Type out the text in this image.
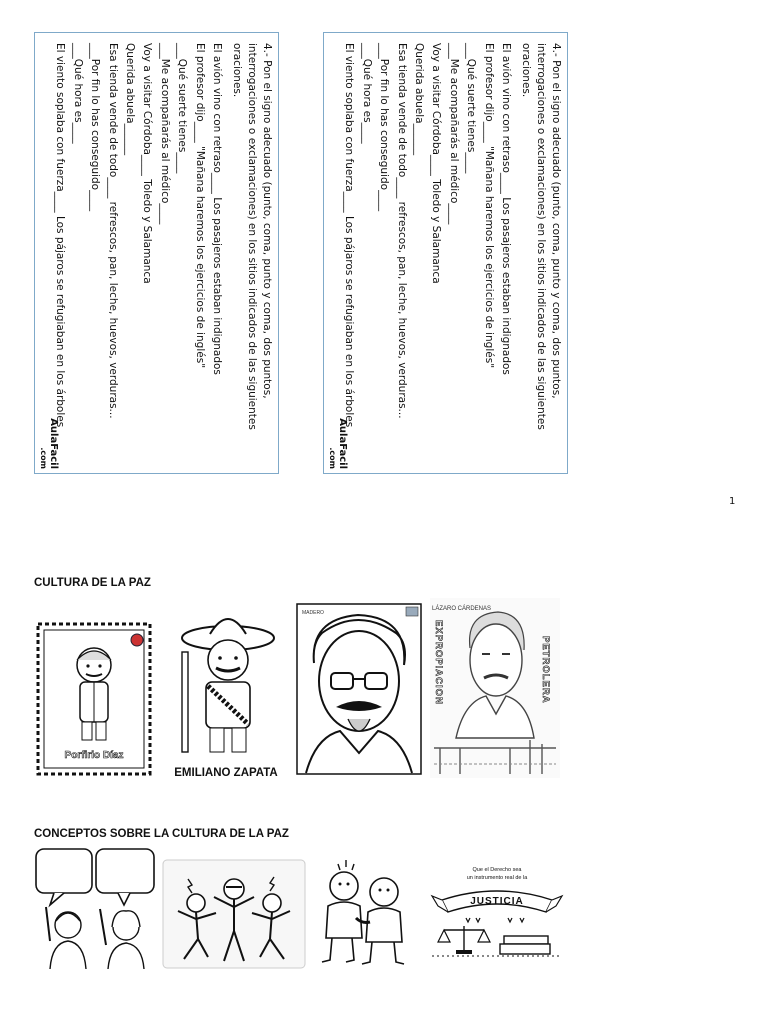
4.- Pon el signo adecuado (punto, coma, punto y coma, dos puntos, interrogaciones o exclamaciones) en los sitios indicados de las siguientes oraciones.

El avión vino con retraso____ Los pasajeros estaban indignados

El profesor dijo____ "Mañana haremos los ejercicios de inglés"

___Qué suerte tienes____

___Me acompañarás al médico____

Voy a visitar Córdoba____ Toledo y Salamanca

Querida abuela______

Esa tienda vende de todo____ refrescos, pan, leche, huevos, verduras...

___Por fin lo has conseguido____

___Qué hora es____

El viento soplaba con fuerza____ Los pájaros se refugiaban en los árboles

AulaFacil
.com

4.- Pon el signo adecuado (punto, coma, punto y coma, dos puntos, interrogaciones o exclamaciones) en los sitios indicados de las siguientes oraciones.

El avión vino con retraso____ Los pasajeros estaban indignados

El profesor dijo____ "Mañana haremos los ejercicios de inglés"

___Qué suerte tienes____

___Me acompañarás al médico____

Voy a visitar Córdoba____ Toledo y Salamanca

Querida abuela______

Esa tienda vende de todo____ refrescos, pan, leche, huevos, verduras...

___Por fin lo has conseguido____

___Qué hora es____

El viento soplaba con fuerza____ Los pájaros se refugiaban en los árboles

AulaFacil
.com
1
CULTURA DE LA PAZ
Porfirio Díaz
EMILIANO ZAPATA
MADERO
LÁZARO CÁRDENAS
EXPROPIACION	PETROLERA
CONCEPTOS SOBRE LA CULTURA DE LA PAZ
Que el Derecho sea
un instrumento real de la
JUSTICIA
